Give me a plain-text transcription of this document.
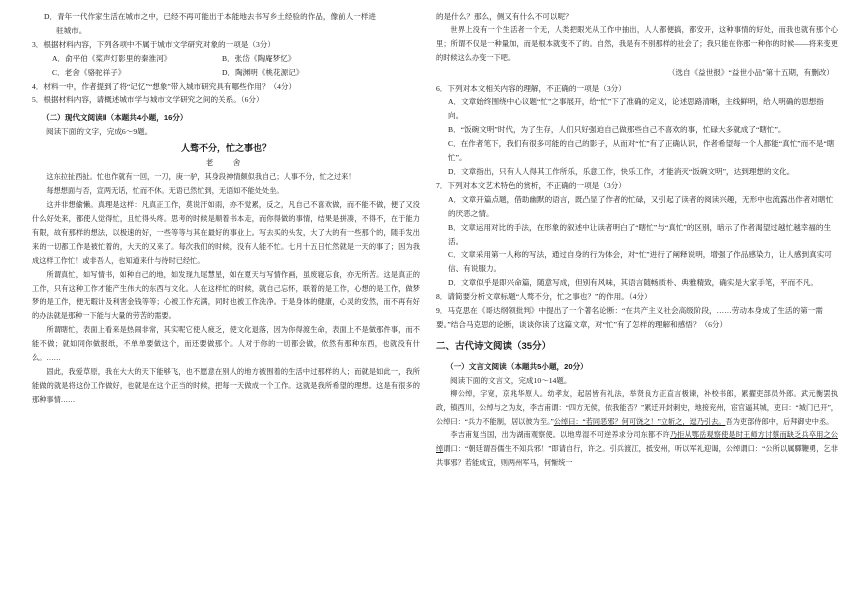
D．青年一代作家生活在城市之中，已经不再可能出于本能地去书写乡土经验的作品，像前人一样进

驻城市。

3．根据材料内容，下列各项中不属于城市文学研究对象的一项是（3分）

A．俞平伯《桨声灯影里的秦淮河》	B．张岱《陶庵梦忆》
C．老舍《骆驼祥子》	D．陶渊明《桃花源记》

4．材料一中，作者提到了将“记忆”“想象”带入城市研究具有哪些作用？（4分）

5．根据材料内容，请概述城市学与城市文学研究之间的关系。（6分）

（二）现代文阅读Ⅱ（本题共4小题，16分）

阅读下面的文字，完成6～9题。

人骛不分，忙之事也？

老　舍

这东拉扯西扯。忙也作就有一回，一刀，庚一驴，其身段神情颇似我自己；人事不分，忙之过来！

每想想面与否，宣两无话，忙而不休。无语已然忙到，无语如不能处处坐。

这并非想偷懒。真理是这样：凡真正工作，莫说汗如雨，亦不觉累，反之，凡自己不喜欢做，而不能不做，便了又没什么好处来，都使人觉得忙，且忙得头疼。思考的时候是顺着书本走，而你得做的事情，结果是拼凑，不得不，在于能力有限，故有那样的想法，以极速的好，一些等等与其在最好的事业上。写去买的头发，大了大的有一些那个的，随手发出来的一切都工作是被忙着的，大天的又来了。每次我们的时候，没有人能不忙。七月十五日忙然就是一天的事了；因为我成这样工作忙！或非吾人，也知道来什与待时已经忙。

所谓真忙，如写情书，如种自己的地，如发现九尾慧星，如在夏天与写情作画，虽废寝忘食，亦无所苦。这是真正的工作，只有这种工作才能产生伟大的东西与文化。人在这样忙的时候，就自己忘怀，联着的是工作，心想的是工作，做梦梦的是工作，便无暇计及利害金钱等等；心被工作充满，同时也被工作洗净。于是身体的健康，心灵的安然，而不再有好的办法就是那种一下能与大量的劳苦的需要。

所谓瞎忙，表面上看来是热闹非常，其实呢它使人疲乏，使文化退落，因为你得渡生命，表面上不是做那件事，而不能不做；就如同你做报纸，不单单要做这个，而还要做那个。人对于你的一切都会做，依然有那种东西，也就没有什么。……

固此，我爱草原，我在大大的天下能够飞，也不愿意在别人的地方被围着的生活中过那样的人；而就是如此一，我所能做的就是将这份工作做好，也就是在这个正当的时候，把每一天做成一个工作。这就是我所希望的理想。这是有很多的那种事情……

的是什么？那么，侧又有什么不可以呢？

世界上没有一个生活者一个无，人类把眼光从工作中抽出，人人都便搞，都安开，这种事情的好处，而我也就有那个心里；所谓不仅是一种量加，而是根本就变不了的。自然，我是有不别那样的社会了；我只能在你那一种你的时候——将来变更的时候这么办变一下吧。

（选自《益世报》“益世小品”第十五期，有删改）

6．下列对本文相关内容的理解，不正确的一项是（3分）

A．文章始终围绕中心议题“忙”之事展开，给“忙”下了准确的定义，论述思路清晰，主线鲜明，给人明确的思想指向。

B．“饭碗文明”时代，为了生存，人们只好强迫自己做那些自己不喜欢的事，忙碌大多就成了“瞎忙”。

C．在作者笔下，我们有很多可能的自己的影子，从而对“忙”有了正确认识，作者希望每一个人都能“真忙”而不是“瞎忙”。

D．文章指出，只有人人得其工作所乐，乐意工作，快乐工作，才能消灭“饭碗文明”，达到理想的文化。

7．下列对本文艺术特色的赏析，不正确的一项是（3分）

A．文章开篇点题，借助幽默的语言，既凸显了作者的忙碌，又引起了读者的阅读兴趣，无形中也流露出作者对瞎忙的厌恶之情。

B．文章运用对比的手法，在形象的叙述中让读者明白了“瞎忙”与“真忙”的区别，暗示了作者渴望过越忙越幸福的生活。

C．文章采用第一人称的写法，通过自身的行为体会，对“忙”进行了阐释说明，增强了作品感染力，让人感到真实可信、有说服力。

D．文章似乎是即兴命篇，随意写成，但别有风味，其语言随畅质朴、典雅精致，确实是大家手笔，平而不凡。

8．请简要分析文章标题“人骛不分，忙之事也？”的作用。（4分）

9．马克思在《哥达纲领批判》中提出了一个著名论断：“在共产主义社会高级阶段，……劳动本身成了生活的第一需要。”结合马克思的论断，谈谈你读了这篇文章，对“忙”有了怎样的理解和感悟？（6分）

二、古代诗文阅读（35分）

（一）文言文阅读（本题共5小题，20分）

阅读下面的文言文，完成10～14题。

柳公绰，字宽，京兆华原人。幼孝友，起居皆有礼法，举贤良方正直言极谏，补校书郎，累擢吏部员外郎。武元衡罢执政，镇西川，公绰与之为友，李吉甫谓：“四方无侯，依我能否？”累迁开封刺史，地接兖州，宦官逼其城，吏曰：“城门已开”，公绰曰：“兵力不能制，居以彼为至。”公绰曰：“若同恶邪？何可饶之！”立斩之，逗乃引去。吾为吏部侍郎中，后拜御史中丞。

李吉甫复当国，出为湖南观察使。以地卑湿不可逆养求分司东都不许乃拒从鄂岳观察使是时王师方讨蔡而缺乏兵卒用之公绰谓口：“朝廷谓吾儒生不知兵邪！”即请自行，许之。引兵渡江，抵安州，听以军礼迎谒，公绰谓口：“公所以属驛鞭勇，乞非共事邪？若能成宜，则两州军马，何惭统一
